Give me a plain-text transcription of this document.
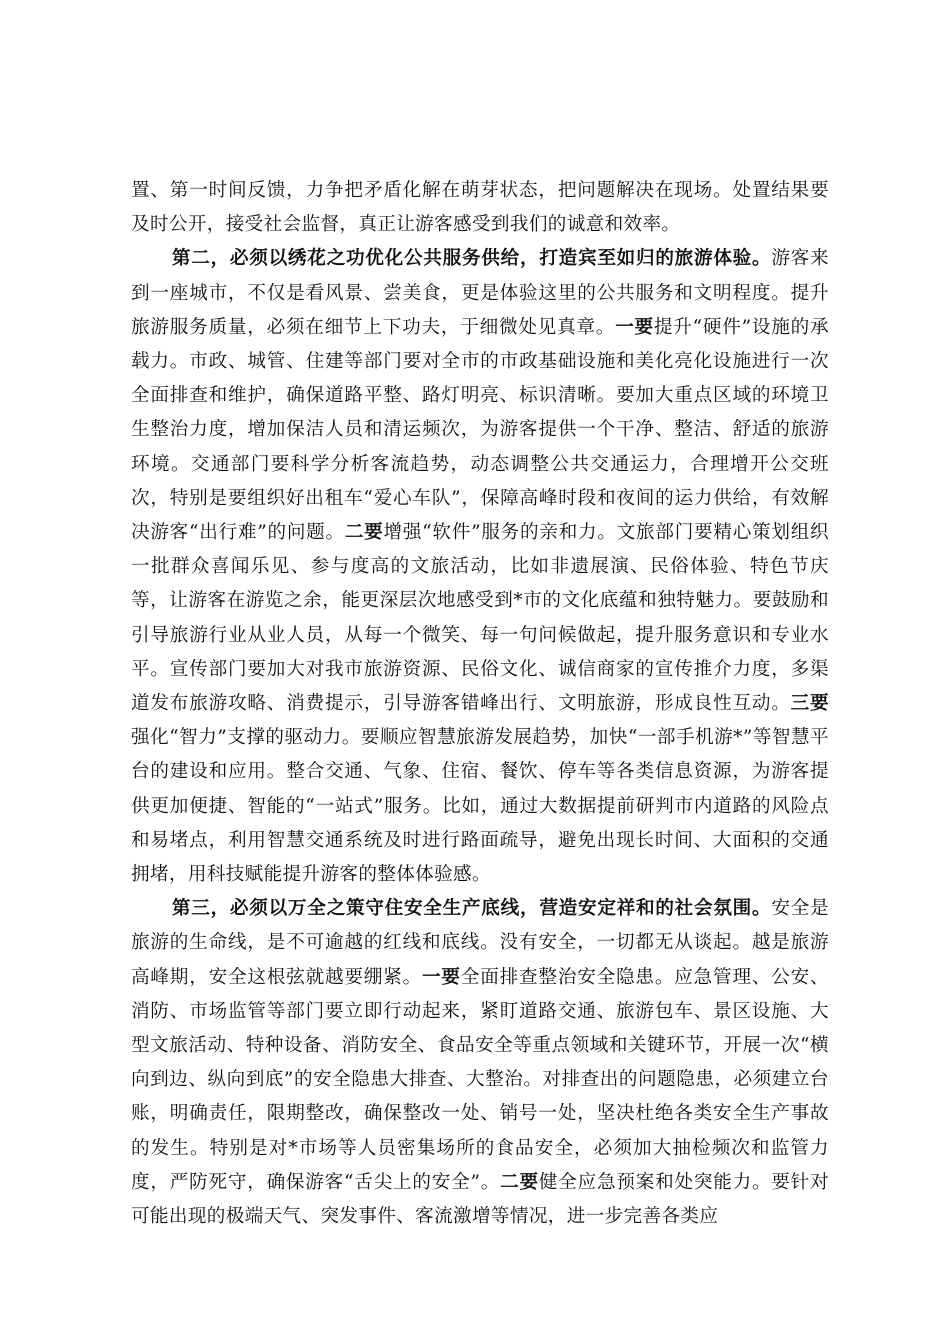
置、第一时间反馈，力争把矛盾化解在萌芽状态，把问题解决在现场。处置结果要及时公开，接受社会监督，真正让游客感受到我们的诚意和效率。

第二，必须以绣花之功优化公共服务供给，打造宾至如归的旅游体验。游客来到一座城市，不仅是看风景、尝美食，更是体验这里的公共服务和文明程度。提升旅游服务质量，必须在细节上下功夫，于细微处见真章。一要提升“硬件”设施的承载力。市政、城管、住建等部门要对全市的市政基础设施和美化亮化设施进行一次全面排查和维护，确保道路平整、路灯明亮、标识清晰。要加大重点区域的环境卫生整治力度，增加保洁人员和清运频次，为游客提供一个干净、整洁、舒适的旅游环境。交通部门要科学分析客流趋势，动态调整公共交通运力，合理增开公交班次，特别是要组织好出租车“爱心车队”，保障高峰时段和夜间的运力供给，有效解决游客“出行难”的问题。二要增强“软件”服务的亲和力。文旅部门要精心策划组织一批群众喜闻乐见、参与度高的文旅活动，比如非遗展演、民俗体验、特色节庆等，让游客在游览之余，能更深层次地感受到*市的文化底蕴和独特魅力。要鼓励和引导旅游行业从业人员，从每一个微笑、每一句问候做起，提升服务意识和专业水平。宣传部门要加大对我市旅游资源、民俗文化、诚信商家的宣传推介力度，多渠道发布旅游攻略、消费提示，引导游客错峰出行、文明旅游，形成良性互动。三要强化“智力”支撑的驱动力。要顺应智慧旅游发展趋势，加快“一部手机游*”等智慧平台的建设和应用。整合交通、气象、住宿、餐饮、停车等各类信息资源，为游客提供更加便捷、智能的“一站式”服务。比如，通过大数据提前研判市内道路的风险点和易堵点，利用智慧交通系统及时进行路面疏导，避免出现长时间、大面积的交通拥堵，用科技赋能提升游客的整体体验感。

第三，必须以万全之策守住安全生产底线，营造安定祥和的社会氛围。安全是旅游的生命线，是不可逾越的红线和底线。没有安全，一切都无从谈起。越是旅游高峰期，安全这根弦就越要绷紧。一要全面排查整治安全隐患。应急管理、公安、消防、市场监管等部门要立即行动起来，紧盯道路交通、旅游包车、景区设施、大型文旅活动、特种设备、消防安全、食品安全等重点领域和关键环节，开展一次“横向到边、纵向到底”的安全隐患大排查、大整治。对排查出的问题隐患，必须建立台账，明确责任，限期整改，确保整改一处、销号一处，坚决杜绝各类安全生产事故的发生。特别是对*市场等人员密集场所的食品安全，必须加大抽检频次和监管力度，严防死守，确保游客“舌尖上的安全”。二要健全应急预案和处突能力。要针对可能出现的极端天气、突发事件、客流激增等情况，进一步完善各类应
